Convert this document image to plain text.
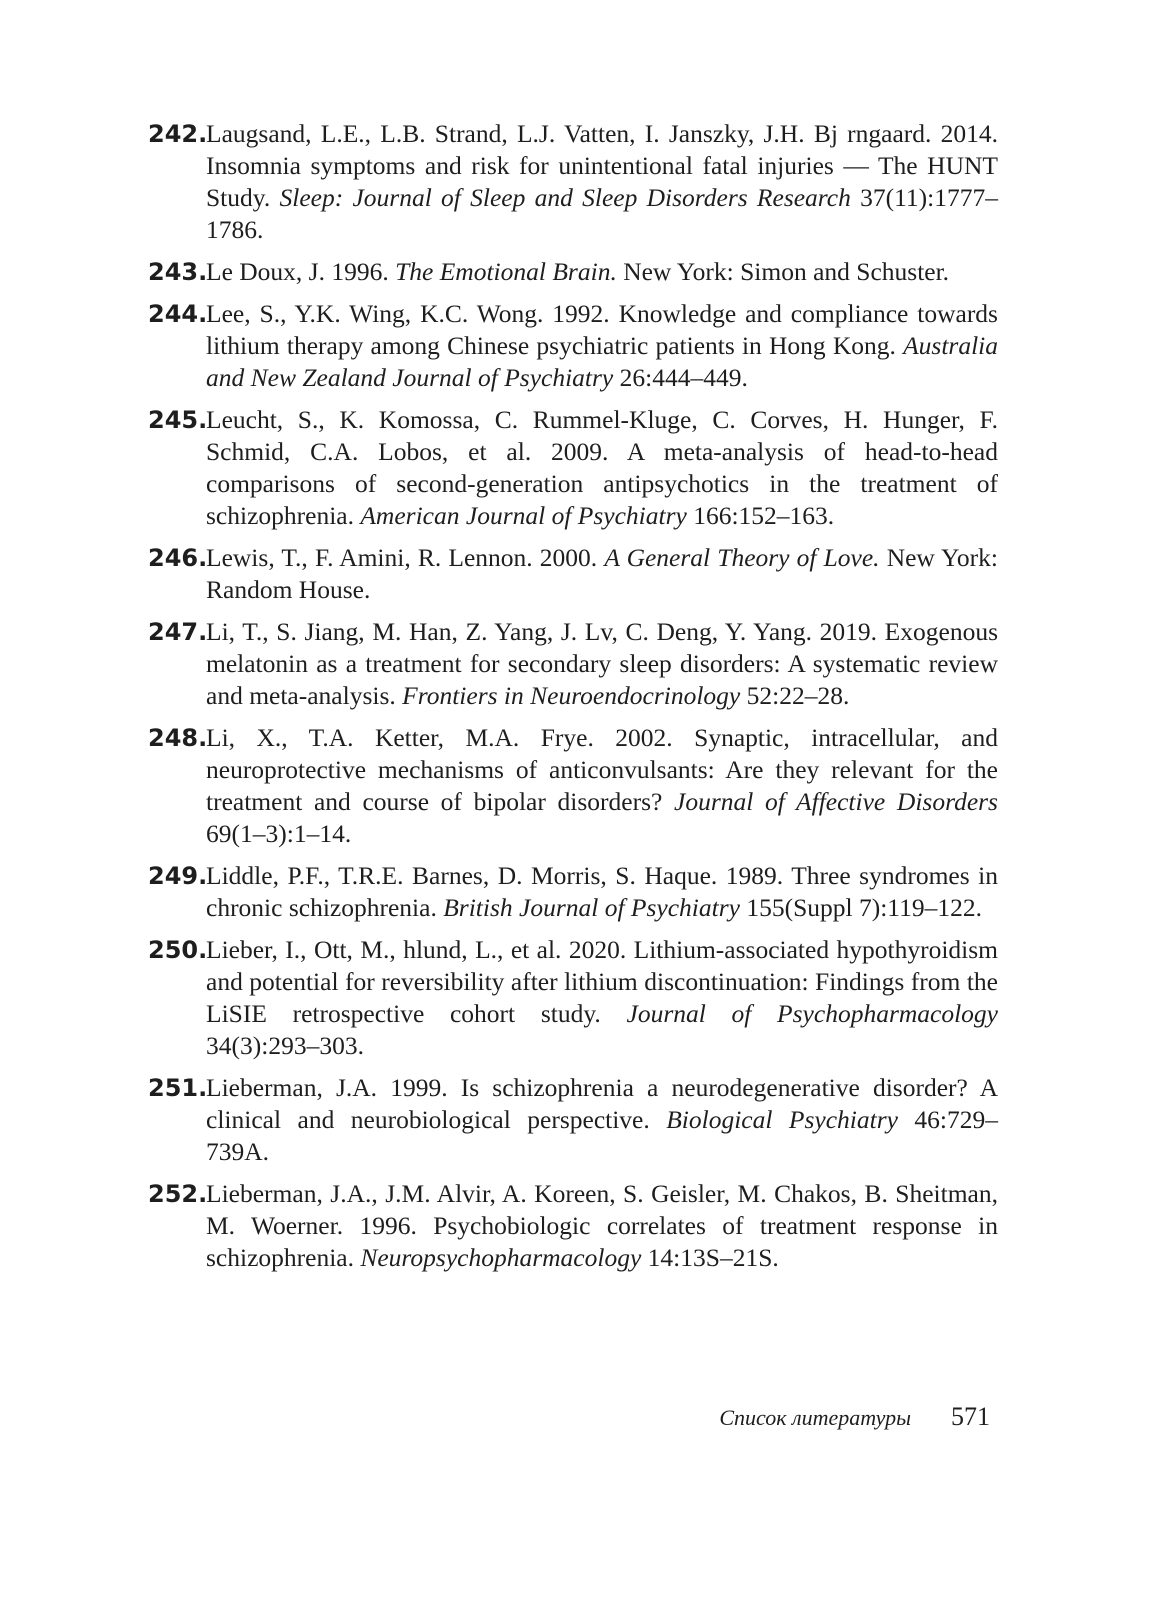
242.
Laugsand, L.E., L.B. Strand, L.J. Vatten, I. Janszky, J.H. Bj rngaard. 2014. Insomnia symptoms and risk for unintentional fatal injuries — The HUNT Study. Sleep: Journal of Sleep and Sleep Disorders Research 37(11):1777–1786.
243.
Le Doux, J. 1996. The Emotional Brain. New York: Simon and Schuster.
244.
Lee, S., Y.K. Wing, K.C. Wong. 1992. Knowledge and compliance towards lithium therapy among Chinese psychiatric patients in Hong Kong. Australia and New Zealand Journal of Psychiatry 26:444–449.
245.
Leucht, S., K. Komossa, C. Rummel-Kluge, C. Corves, H. Hunger, F. Schmid, C.A. Lobos, et al. 2009. A meta-analysis of head-to-head comparisons of second-generation antipsychotics in the treatment of schizophrenia. American Journal of Psychiatry 166:152–163.
246.
Lewis, T., F. Amini, R. Lennon. 2000. A General Theory of Love. New York: Random House.
247.
Li, T., S. Jiang, M. Han, Z. Yang, J. Lv, C. Deng, Y. Yang. 2019. Exogenous melatonin as a treatment for secondary sleep disorders: A systematic review and meta-analysis. Frontiers in Neuroendocrinology 52:22–28.
248.
Li, X., T.A. Ketter, M.A. Frye. 2002. Synaptic, intracellular, and neuroprotective mechanisms of anticonvulsants: Are they relevant for the treatment and course of bipolar disorders? Journal of Affective Disorders 69(1–3):1–14.
249.
Liddle, P.F., T.R.E. Barnes, D. Morris, S. Haque. 1989. Three syndromes in chronic schizophrenia. British Journal of Psychiatry 155(Suppl 7):119–122.
250.
Lieber, I., Ott, M., hlund, L., et al. 2020. Lithium-associated hypothyroidism and potential for reversibility after lithium discontinuation: Findings from the LiSIE retrospective cohort study. Journal of Psychopharmacology 34(3):293–303.
251.
Lieberman, J.A. 1999. Is schizophrenia a neurodegenerative disorder? A clinical and neurobiological perspective. Biological Psychiatry 46:729–739A.
252.
Lieberman, J.A., J.M. Alvir, A. Koreen, S. Geisler, M. Chakos, B. Sheitman, M. Woerner. 1996. Psychobiologic correlates of treatment response in schizophrenia. Neuropsychopharmacology 14:13S–21S.
Список литературы 571
